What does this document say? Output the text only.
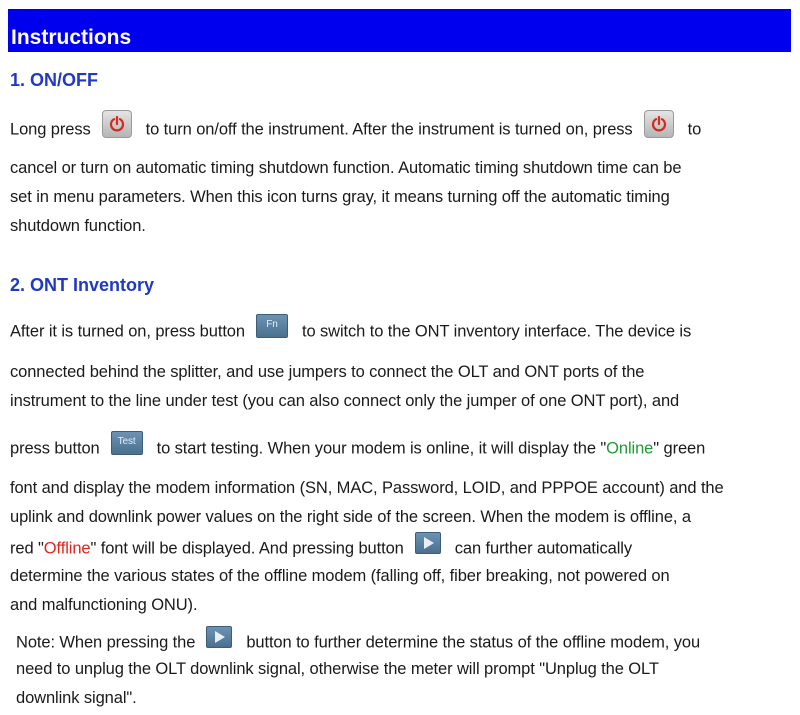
Instructions
1. ON/OFF
Long press	to turn on/off the instrument. After the instrument is turned on, press	to
cancel or turn on automatic timing shutdown function. Automatic timing shutdown time can be
set in menu parameters. When this icon turns gray, it means turning off the automatic timing
shutdown function.
2. ONT Inventory
After it is turned on, press button Fn to switch to the ONT inventory interface. The device is
connected behind the splitter, and use jumpers to connect the OLT and ONT ports of the
instrument to the line under test (you can also connect only the jumper of one ONT port), and
press button Test to start testing. When your modem is online, it will display the "Online" green
font and display the modem information (SN, MAC, Password, LOID, and PPPOE account) and the
uplink and downlink power values on the right side of the screen. When the modem is offline, a
red "Offline" font will be displayed. And pressing button	can further automatically
determine the various states of the offline modem (falling off, fiber breaking, not powered on
and malfunctioning ONU).
Note: When pressing the	button to further determine the status of the offline modem, you
need to unplug the OLT downlink signal, otherwise the meter will prompt "Unplug the OLT
downlink signal".
